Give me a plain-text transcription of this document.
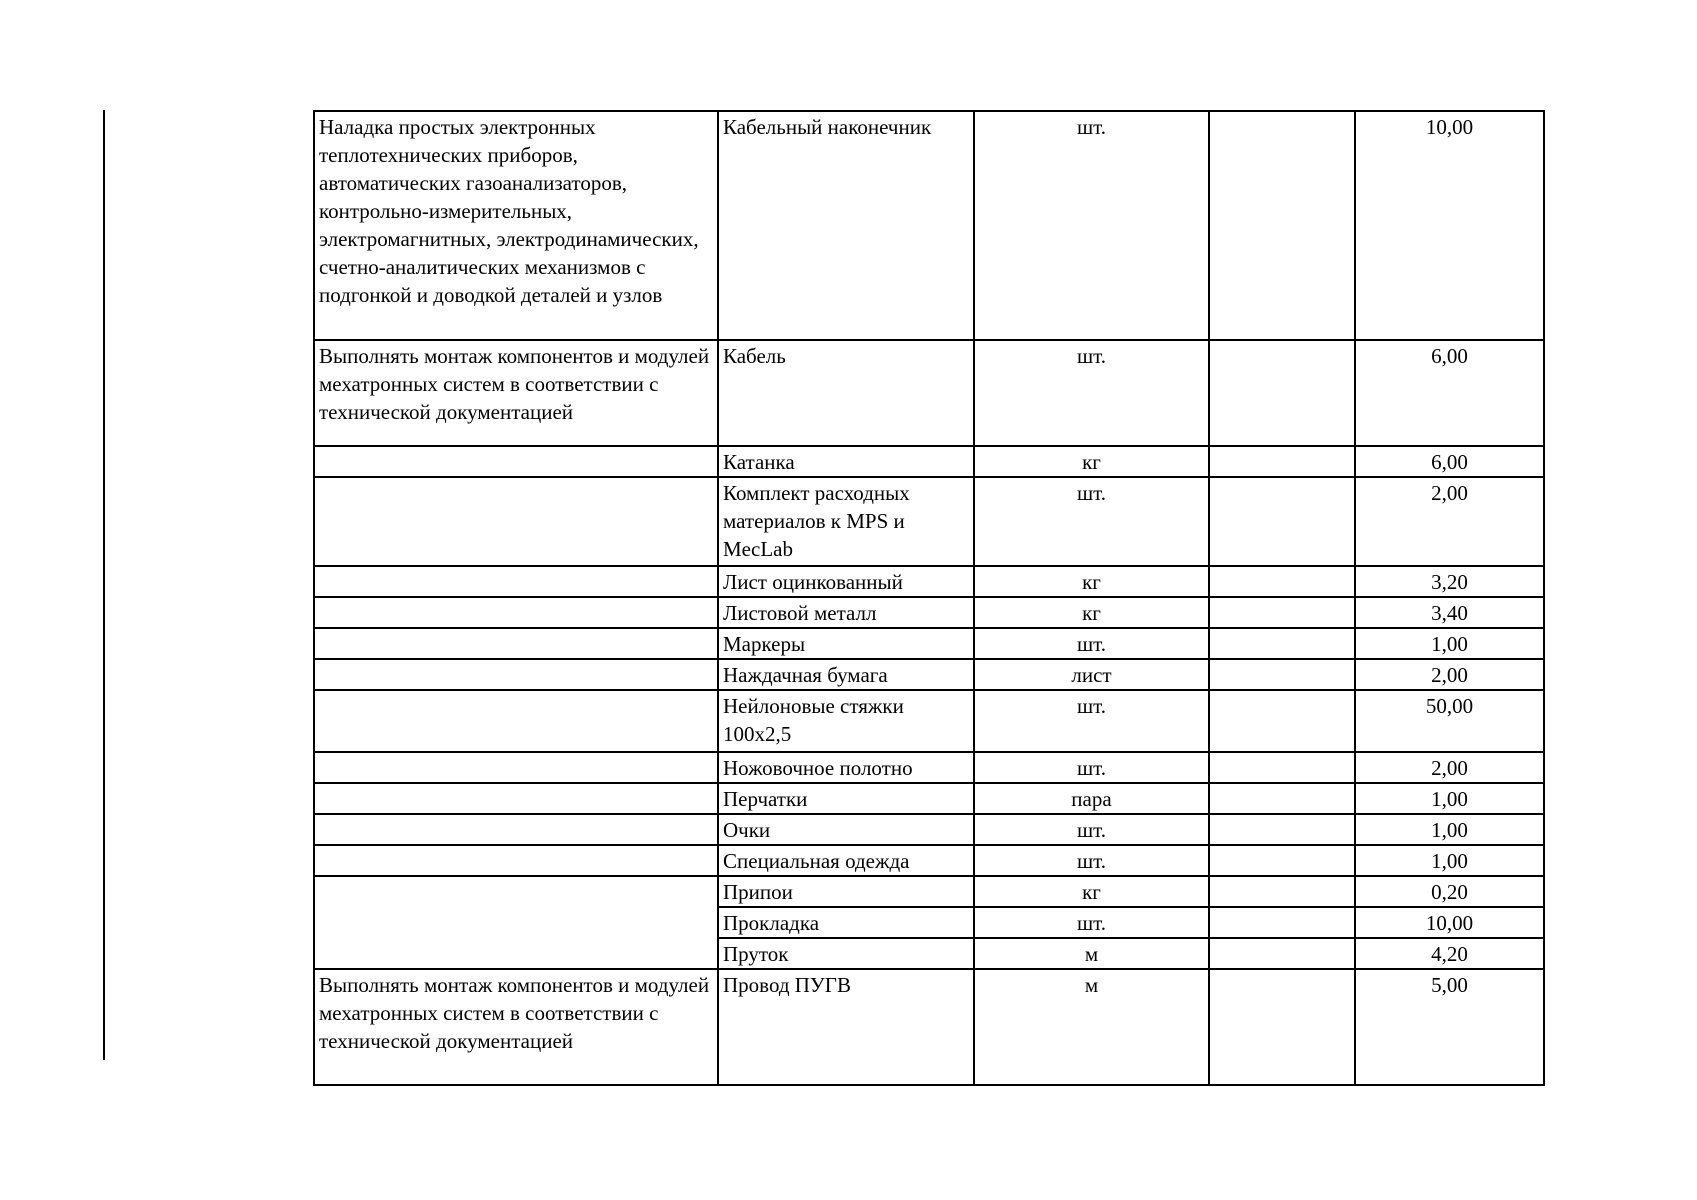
Наладка простых электронных теплотехнических приборов, автоматических газоанализаторов, контрольно-измерительных, электромагнитных, электродинамических, счетно-аналитических механизмов с подгонкой и доводкой деталей и узлов	Кабельный наконечник	шт.		10,00

Выполнять монтаж компонентов и модулей мехатронных систем в соответствии с технической документацией	Кабель	шт.		6,00
	Катанка	кг		6,00
	Комплект расходных материалов к MPS и MecLab	шт.		2,00
	Лист оцинкованный	кг		3,20
	Листовой металл	кг		3,40
	Маркеры	шт.		1,00
	Наждачная бумага	лист		2,00
	Нейлоновые стяжки 100x2,5	шт.		50,00
	Ножовочное полотно	шт.		2,00
	Перчатки	пара		1,00
	Очки	шт.		1,00
	Специальная одежда	шт.		1,00
	Припои	кг		0,20
	Прокладка	шт.		10,00
	Пруток	м		4,20
Выполнять монтаж компонентов и модулей мехатронных систем в соответствии с технической документацией	Провод ПУГВ	м		5,00
